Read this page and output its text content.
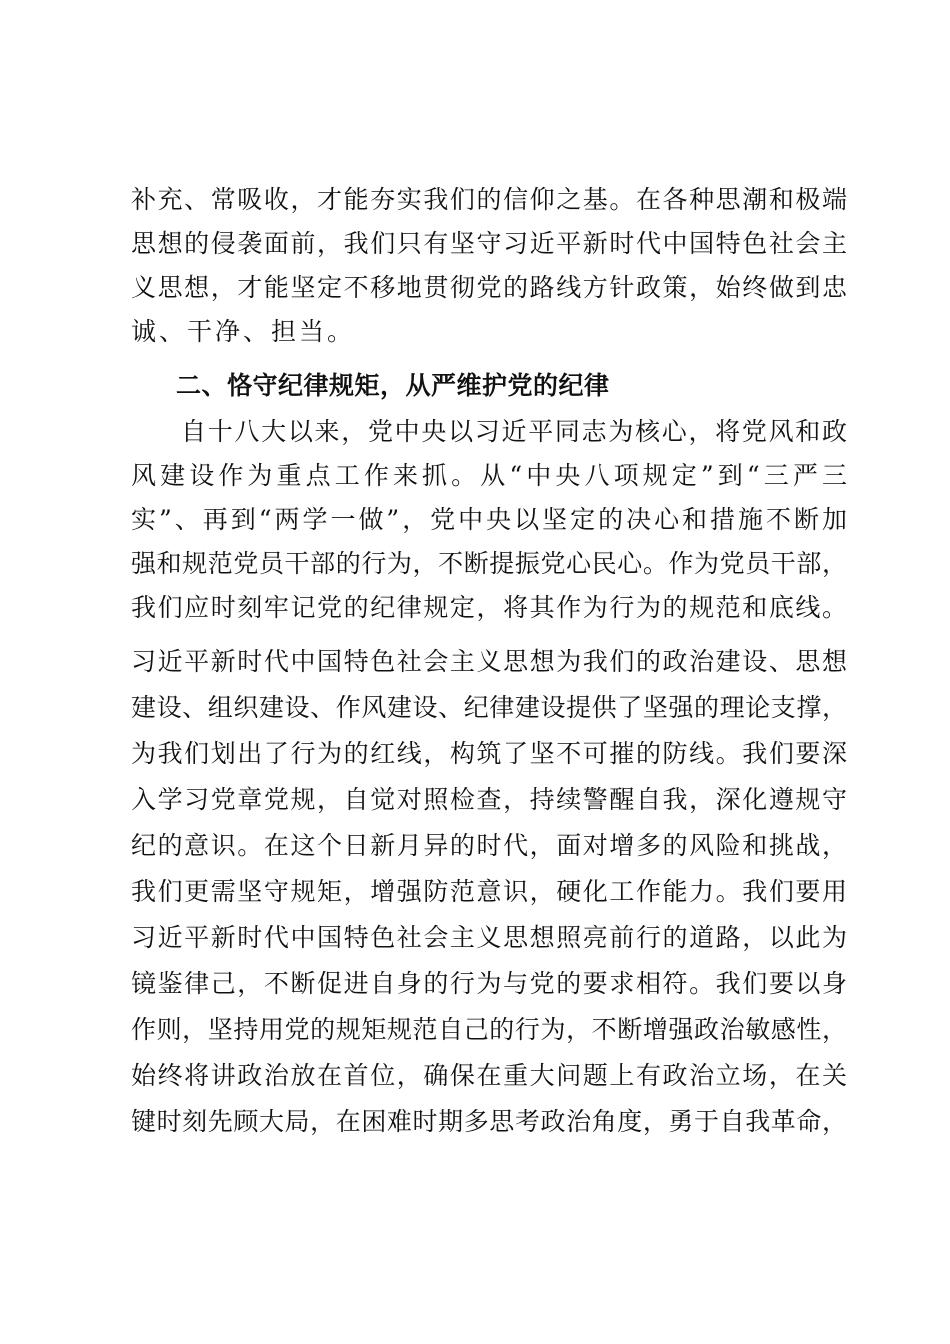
补充、常吸收，才能夯实我们的信仰之基。在各种思潮和极端
思想的侵袭面前，我们只有坚守习近平新时代中国特色社会主
义思想，才能坚定不移地贯彻党的路线方针政策，始终做到忠
诚、干净、担当。
二、恪守纪律规矩，从严维护党的纪律
自十八大以来，党中央以习近平同志为核心，将党风和政
风建设作为重点工作来抓。从“中央八项规定”到“三严三
实”、再到“两学一做”，党中央以坚定的决心和措施不断加
强和规范党员干部的行为，不断提振党心民心。作为党员干部，
我们应时刻牢记党的纪律规定，将其作为行为的规范和底线。
习近平新时代中国特色社会主义思想为我们的政治建设、思想
建设、组织建设、作风建设、纪律建设提供了坚强的理论支撑，
为我们划出了行为的红线，构筑了坚不可摧的防线。我们要深
入学习党章党规，自觉对照检查，持续警醒自我，深化遵规守
纪的意识。在这个日新月异的时代，面对增多的风险和挑战，
我们更需坚守规矩，增强防范意识，硬化工作能力。我们要用
习近平新时代中国特色社会主义思想照亮前行的道路，以此为
镜鉴律己，不断促进自身的行为与党的要求相符。我们要以身
作则，坚持用党的规矩规范自己的行为，不断增强政治敏感性，
始终将讲政治放在首位，确保在重大问题上有政治立场，在关
键时刻先顾大局，在困难时期多思考政治角度，勇于自我革命，
